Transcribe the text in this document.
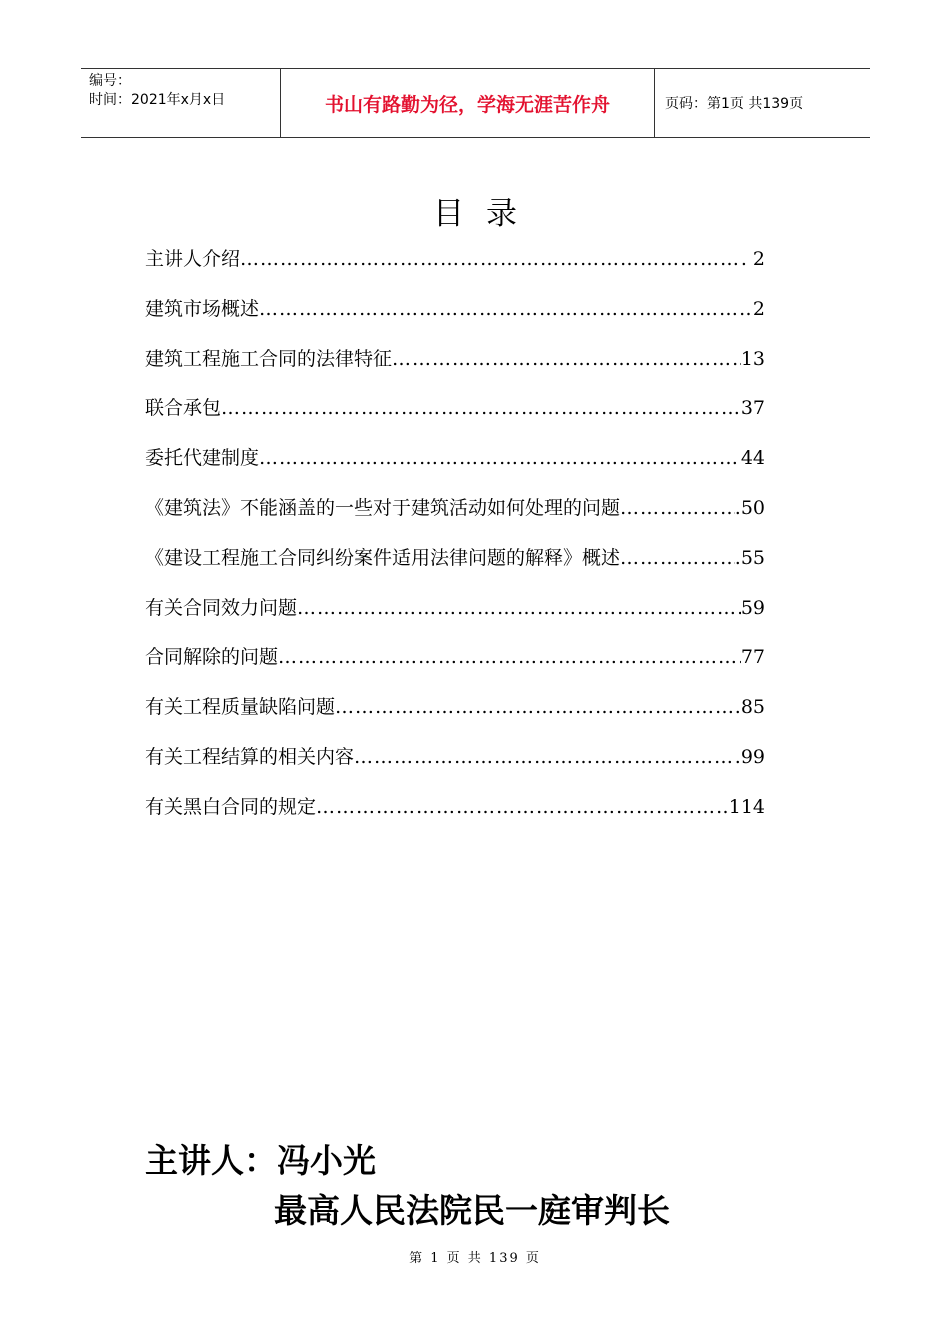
编号：
时间：2021年x月x日	书山有路勤为径，学海无涯苦作舟	页码：第1页 共139页
目录
主讲人介绍 ……………………………………………………………………………………………………………………………………………………	. 2
建筑市场概述 ……………………………………………………………………………………………………………………………………………………	2
建筑工程施工合同的法律特征 ……………………………………………………………………………………………………………………………………………………	13
联合承包 ……………………………………………………………………………………………………………………………………………………	37
委托代建制度 ……………………………………………………………………………………………………………………………………………………	44
《建筑法》不能涵盖的一些对于建筑活动如何处理的问题 ……………………………………………………………………………………………………………………………………………………	.50
《建设工程施工合同纠纷案件适用法律问题的解释》概述 ……………………………………………………………………………………………………………………………………………………	.55
有关合同效力问题 ……………………………………………………………………………………………………………………………………………………	59
合同解除的问题 ……………………………………………………………………………………………………………………………………………………	77
有关工程质量缺陷问题 ……………………………………………………………………………………………………………………………………………………	.85
有关工程结算的相关内容 ……………………………………………………………………………………………………………………………………………………	.99
有关黑白合同的规定 ……………………………………………………………………………………………………………………………………………………	114
主讲人：冯小光
最高人民法院民一庭审判长
第 1 页 共 139 页
